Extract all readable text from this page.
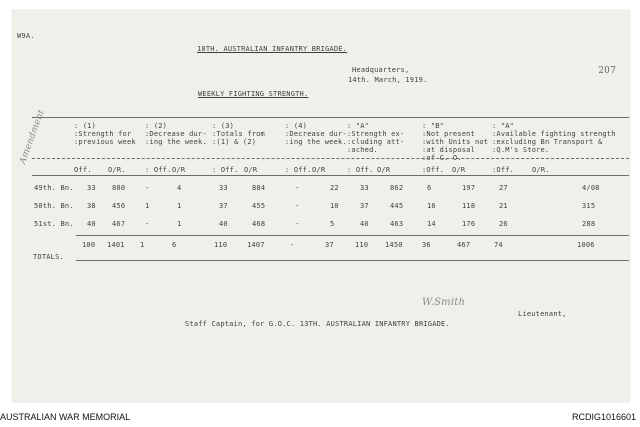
W9A.
18TH. AUSTRALIAN INFANTRY BRIGADE.
Headquarters,
14th. March, 1919.
WEEKLY FIGHTING STRENGTH.
207
Amendment	: (1)
:Strength for
:previous week
: (2)
:Decrease dur-
:ing the week.
: (3)
:Totals from
:(1) & (2)
: (4)
:Decrease dur-
:ing the week.
: "A"
:Strength ex-
:cluding att-
:ached.
: "B"
:Not present
:with Units not
:at disposal
:of C. O.
: "A"
:Available fighting strength
:excluding Bn Transport &
:Q.M's Store.
Off. O/R.	: Off. O/R	: Off. O/R	: Off. O/R	: Off. O/R	:Off. O/R	:Off.	O/R.
49th. Bn. 33 880	-	4	33	884	-	22	33	862	6	197	27	4/08
50th. Bn. 38 456	1	1	37	455	-	10	37	445	16	118	21	315
51st. Bn. 40 467	-	1	40	468	-	5	40	463	14	176	26	288
100 1401 1	6	110	1407	-	37	110 1450	36	467	74	1006
TOTALS.
Lieutenant,
W.Smith
Staff Captain, for G.O.C. 13TH. AUSTRALIAN INFANTRY BRIGADE.
AUSTRALIAN WAR MEMORIAL	RCDIG1016601
